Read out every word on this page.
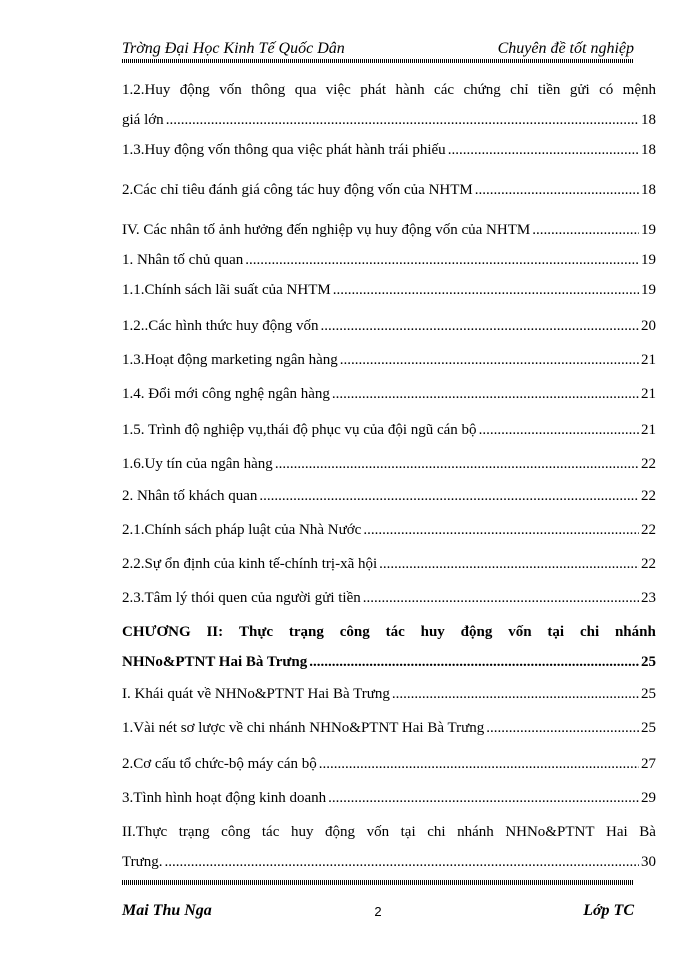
Trờng Đại Học Kinh Tế Quốc Dân	Chuyên đề tốt nghiệp
1.2.Huy động vốn thông qua việc phát hành các chứng chỉ tiền gửi có mệnh
giá lớn .....	18
1.3.Huy động vốn thông qua việc phát hành trái phiếu .....	18
2.Các chỉ tiêu đánh giá công tác huy động vốn của NHTM .....	18
IV. Các nhân tố ảnh hưởng đến nghiệp vụ huy động vốn của NHTM .....	19
1. Nhân tố chủ quan .....	19
1.1.Chính sách lãi suất của NHTM .....	19
1.2..Các hình thức huy động vốn .....	20
1.3.Hoạt động marketing ngân hàng .....	21
1.4. Đổi mới công nghệ ngân hàng .....	21
1.5. Trình độ nghiệp vụ,thái độ phục vụ của đội ngũ cán bộ .....	21
1.6.Uy tín của ngân hàng .....	22
2. Nhân tố khách quan .....	22
2.1.Chính sách pháp luật của Nhà Nước .....	22
2.2.Sự ổn định của kinh tế-chính trị-xã hội .....	22
2.3.Tâm lý thói quen của người gửi tiền .....	23
CHƯƠNG II: Thực trạng công tác huy động vốn tại chi nhánh
NHNo&PTNT Hai Bà Trưng .....	25
I. Khái quát về NHNo&PTNT Hai Bà Trưng .....	25
1.Vài nét sơ lược về chi nhánh NHNo&PTNT Hai Bà Trưng .....	25
2.Cơ cấu tổ chức-bộ máy cán bộ .....	27
3.Tình hình hoạt động kinh doanh .....	29
II.Thực trạng công tác huy động vốn tại chi nhánh NHNo&PTNT Hai Bà
Trưng. .....	30
Mai Thu Nga	2	Lớp TC
